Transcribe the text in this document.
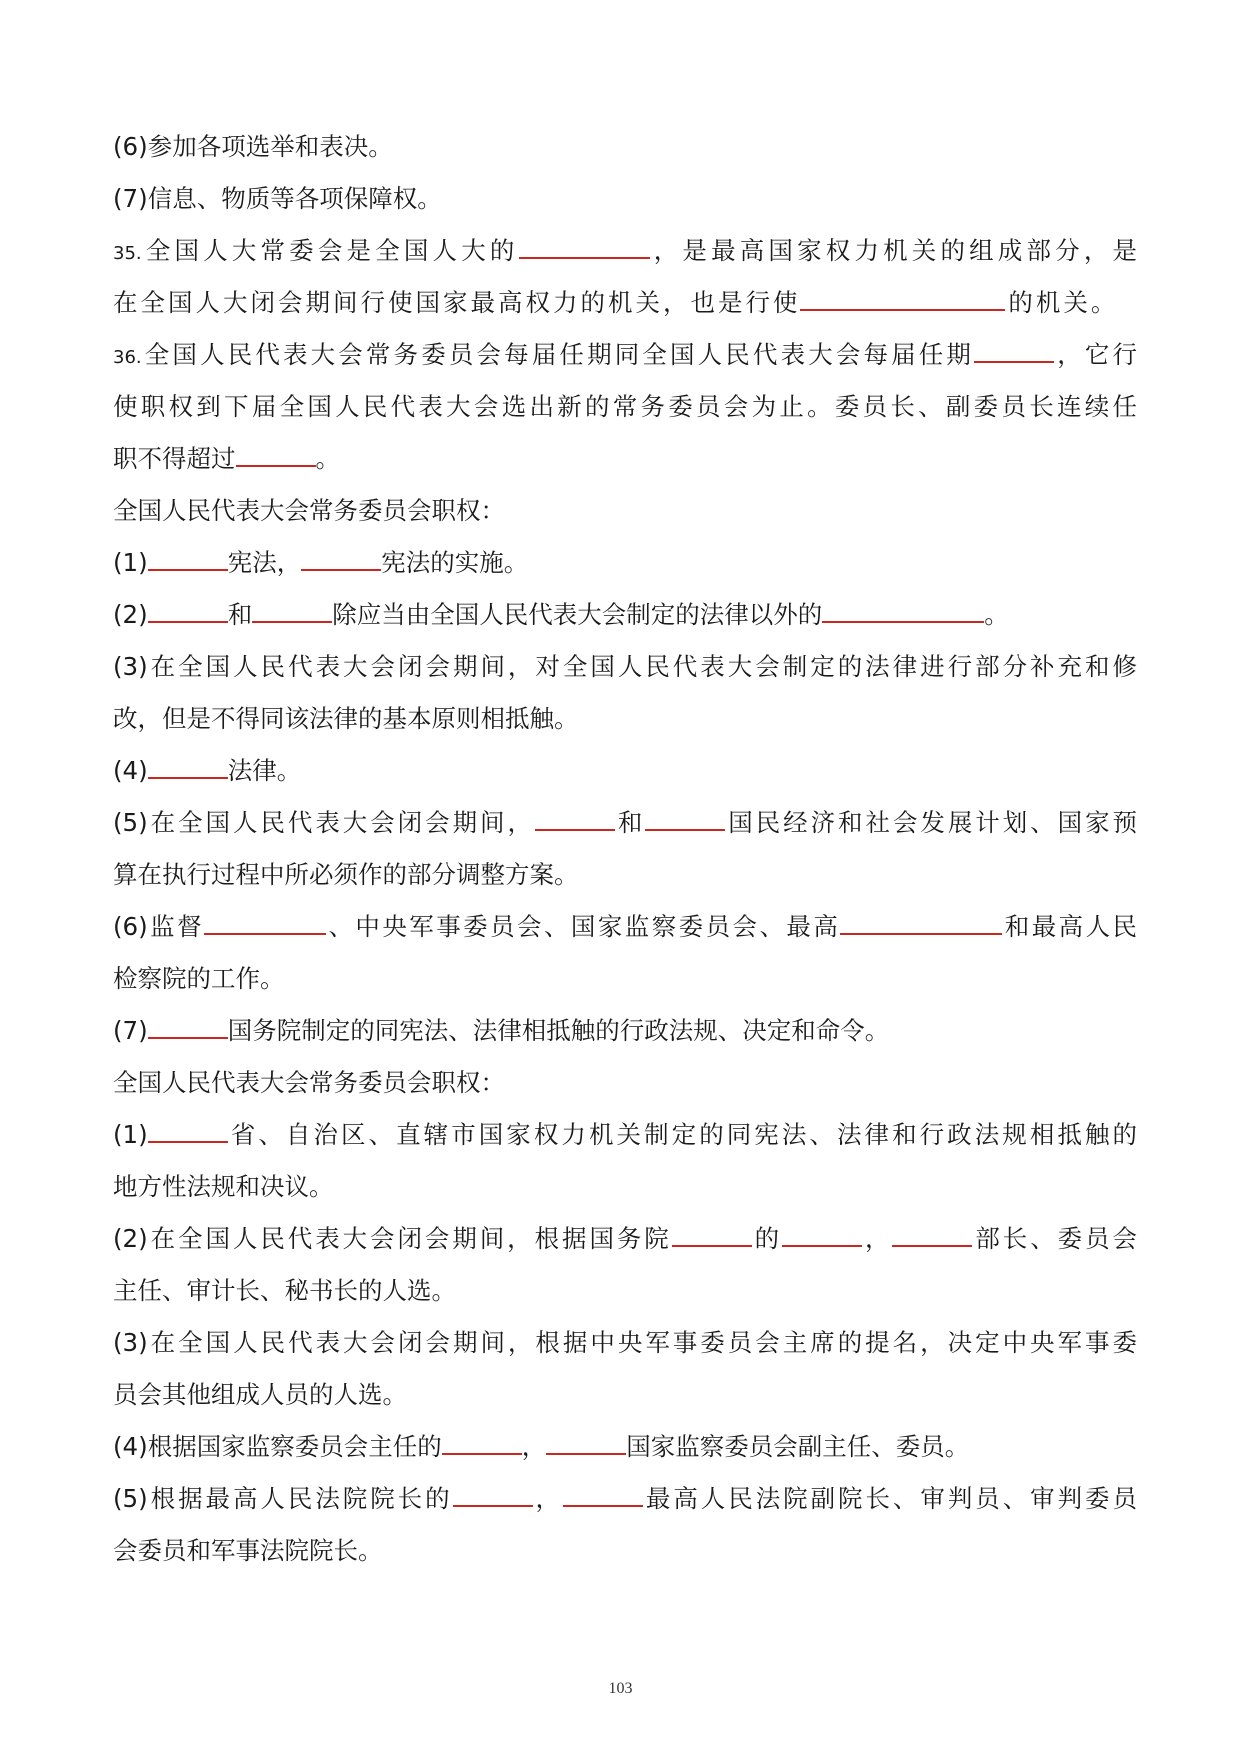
(6)参加各项选举和表决。
(7)信息、物质等各项保障权。
35.全国人大常委会是全国人大的	，是最高国家权力机关的组成部分，是
在全国人大闭会期间行使国家最高权力的机关，也是行使	的机关。
36.全国人民代表大会常务委员会每届任期同全国人民代表大会每届任期	，它行
使职权到下届全国人民代表大会选出新的常务委员会为止。委员长、副委员长连续任
职不得超过	。
全国人民代表大会常务委员会职权：
(1)	宪法，	宪法的实施。
(2)	和	除应当由全国人民代表大会制定的法律以外的	。
(3)在全国人民代表大会闭会期间，对全国人民代表大会制定的法律进行部分补充和修
改，但是不得同该法律的基本原则相抵触。
(4)	法律。
(5)在全国人民代表大会闭会期间，	和	国民经济和社会发展计划、国家预
算在执行过程中所必须作的部分调整方案。
(6)监督	、中央军事委员会、国家监察委员会、最高	和最高人民
检察院的工作。
(7)	国务院制定的同宪法、法律相抵触的行政法规、决定和命令。
全国人民代表大会常务委员会职权：
(1)	省、自治区、直辖市国家权力机关制定的同宪法、法律和行政法规相抵触的
地方性法规和决议。
(2)在全国人民代表大会闭会期间，根据国务院	的	，	部长、委员会
主任、审计长、秘书长的人选。
(3)在全国人民代表大会闭会期间，根据中央军事委员会主席的提名，决定中央军事委
员会其他组成人员的人选。
(4)根据国家监察委员会主任的	，	国家监察委员会副主任、委员。
(5)根据最高人民法院院长的	，	最高人民法院副院长、审判员、审判委员
会委员和军事法院院长。
103
